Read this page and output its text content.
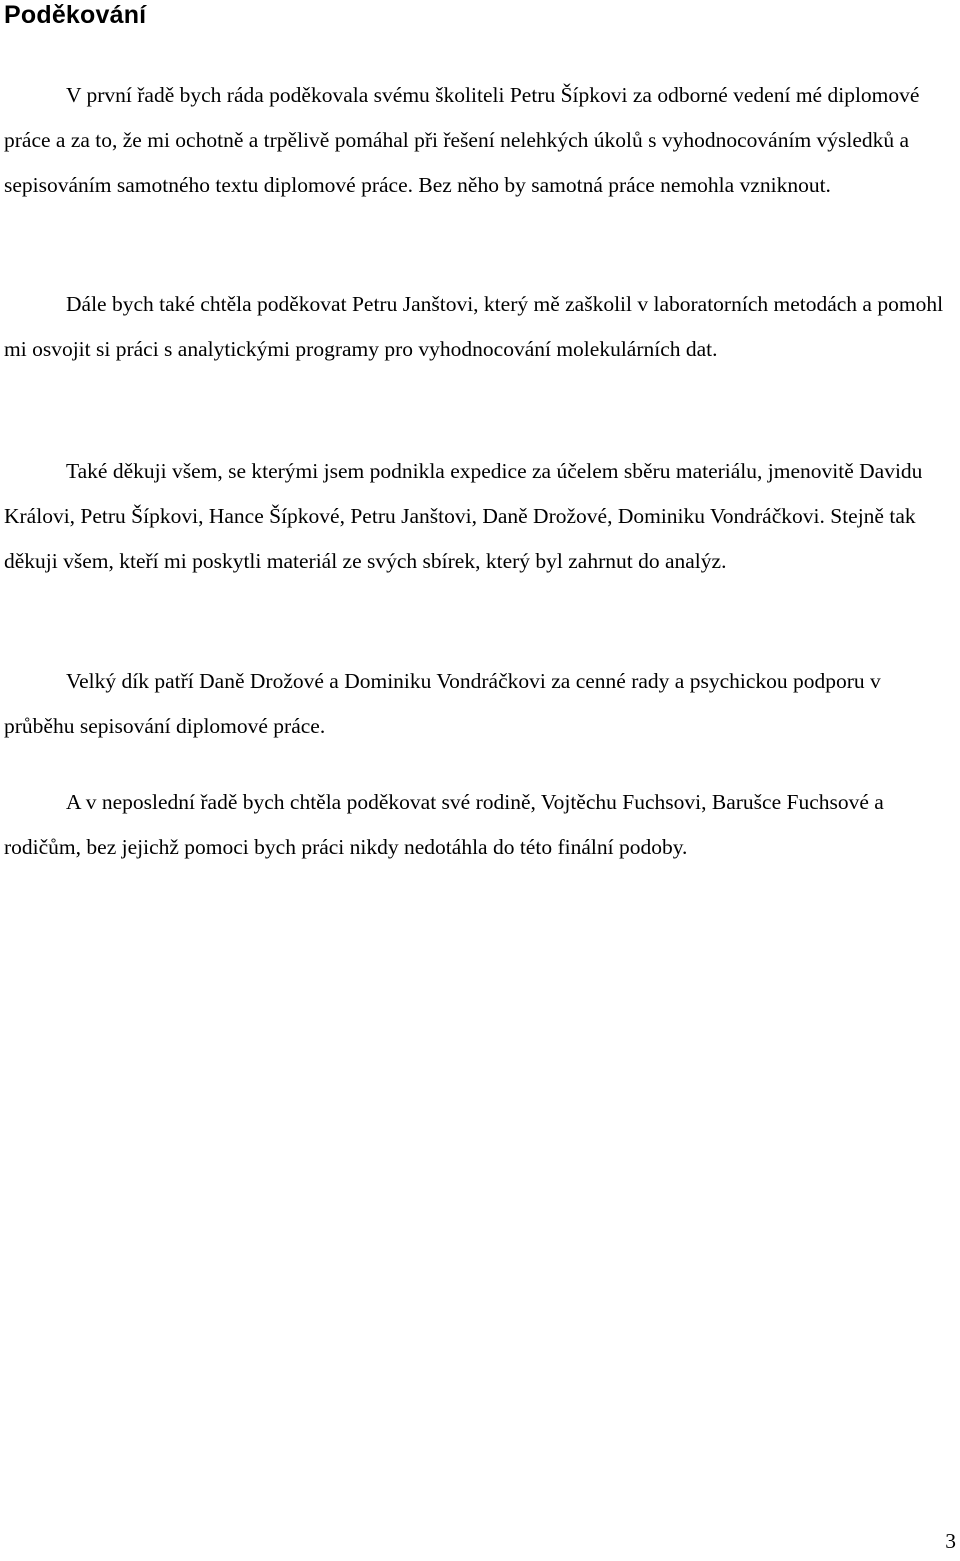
Poděkování

V první řadě bych ráda poděkovala svému školiteli Petru Šípkovi za odborné vedení mé diplomové práce a za to, že mi ochotně a trpělivě pomáhal při řešení nelehkých úkolů s vyhodnocováním výsledků a sepisováním samotného textu diplomové práce. Bez něho by samotná práce nemohla vzniknout.

Dále bych také chtěla poděkovat Petru Janštovi, který mě zaškolil v laboratorních metodách a pomohl mi osvojit si práci s analytickými programy pro vyhodnocování molekulárních dat.

Také děkuji všem, se kterými jsem podnikla expedice za účelem sběru materiálu, jmenovitě Davidu Královi, Petru Šípkovi, Hance Šípkové, Petru Janštovi, Daně Drožové, Dominiku Vondráčkovi. Stejně tak děkuji všem, kteří mi poskytli materiál ze svých sbírek, který byl zahrnut do analýz.

Velký dík patří Daně Drožové a Dominiku Vondráčkovi za cenné rady a psychickou podporu v průběhu sepisování diplomové práce.

A v neposlední řadě bych chtěla poděkovat své rodině, Vojtěchu Fuchsovi, Barušce Fuchsové a rodičům, bez jejichž pomoci bych práci nikdy nedotáhla do této finální podoby.

3
